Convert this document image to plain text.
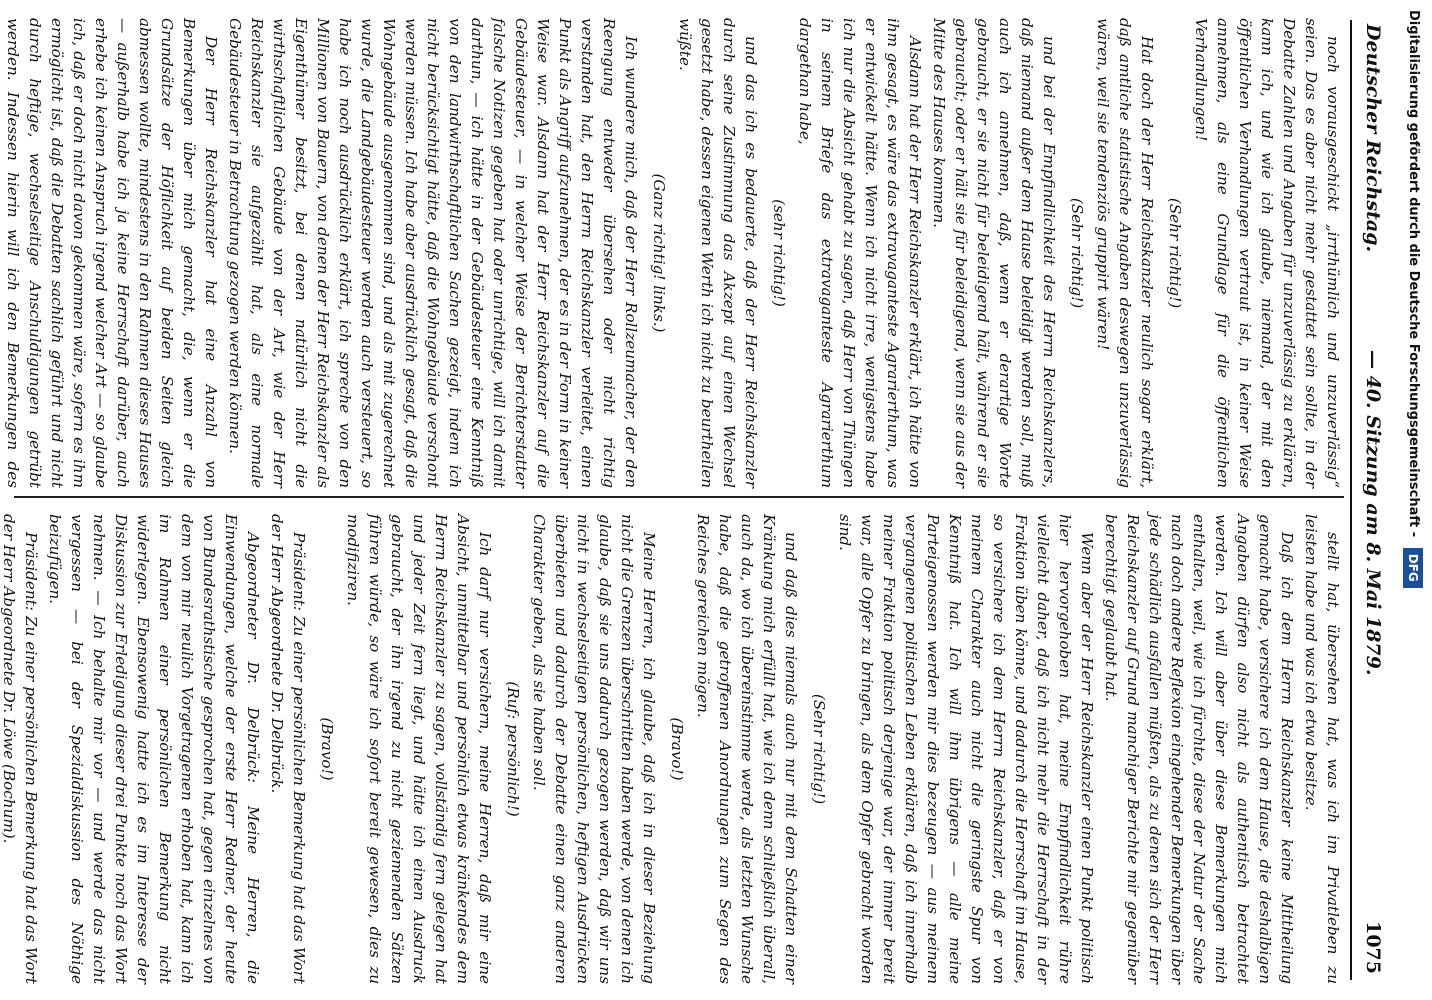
Deutscher Reichstag.
— 40. Sitzung am 8. Mai 1879.
1075

noch vorausgeschickt „irrthümlich und unzuverlässig“ seien. Das es aber nicht mehr gestattet sein sollte, in der Debatte Zahlen und Angaben für unzuverlässig zu erklären, kann ich, und wie ich glaube, niemand, der mit den öffentlichen Verhandlungen vertraut ist, in keiner Weise annehmen, als eine Grundlage für die öffentlichen Verhandlungen!

(Sehr richtig!)

Hat doch der Herr Reichskanzler neulich sogar erklärt, daß amtliche statistische Angaben deswegen unzuverlässig wären, weil sie tendenziös gruppirt wären!

(Sehr richtig!)

und bei der Empfindlichkeit des Herrn Reichskanzlers, daß niemand außer dem Hause beleidigt werden soll, muß auch ich annehmen, daß, wenn er derartige Worte gebraucht, er sie nicht für beleidigend hält, während er sie gebraucht; oder er hält sie für beleidigend, wenn sie aus der Mitte des Hauses kommen.

Alsdann hat der Herr Reichskanzler erklärt, ich hätte von ihm gesagt, es wäre das extravaganteste Agrarierthum, was er entwickelt hätte. Wenn ich nicht irre, wenigstens habe ich nur die Absicht gehabt zu sagen, daß Herr von Thüngen in seinem Briefe das extravaganteste Agrarierthum dargethan habe,

(sehr richtig!)

und das ich es bedauerte, daß der Herr Reichskanzler durch seine Zustimmung das Akzept auf einen Wechsel gesetzt habe, dessen eigenen Werth ich nicht zu beurtheilen wüßte.

(Ganz richtig! links.)

Ich wundere mich, daß der Herr Rollzeumacher, der den Reengung entweder übersehen oder nicht richtig verstanden hat, den Herrn Reichskanzler verleitet, einen Punkt als Angriff aufzunehmen, der es in der Form in keiner Weise war. Alsdann hat der Herr Reichskanzler auf die Gebäudesteuer, — in welcher Weise der Berichterstatter falsche Notizen gegeben hat oder unrichtige, will ich damit darthun, — ich hätte in der Gebäudesteuer eine Kenntniß von den landwirthschaftlichen Sachen gezeigt, indem ich nicht berücksichtigt hätte, daß die Wohngebäude verschont werden müssen. Ich habe aber ausdrücklich gesagt, daß die Wohngebäude ausgenommen sind, und als mit zugerechnet wurde, die Landgebäudesteuer werden auch versteuert, so habe ich noch ausdrücklich erklärt, ich spreche von den Millionen von Bauern, von denen der Herr Reichskanzler als Eigenthümer besitzt, bei denen natürlich nicht die wirthschaftlichen Gebäude von der Art, wie der Herr Reichskanzler sie aufgezählt hat, als eine normale Gebäudesteuer in Betrachtung gezogen werden können.

Der Herr Reichskanzler hat eine Anzahl von Bemerkungen über mich gemacht, die, wenn er die Grundsätze der Höflichkeit auf beiden Seiten gleich abmessen wollte, mindestens in den Rahmen dieses Hauses — außerhalb habe ich ja keine Herrschaft darüber, auch erhebe ich keinen Anspruch irgend welcher Art — so glaube ich, daß er doch nicht davon gekommen wäre, sofern es ihm ermöglicht ist, daß die Debatten sachlich geführt und nicht durch heftige, wechselseitige Anschuldigungen getrübt werden. Indessen hierin will ich den Bemerkungen des

stellt hat, übersehen hat, was ich im Privatleben zu leisten habe und was ich etwa besitze.

Daß ich dem Herrn Reichskanzler keine Mittheilung gemacht habe, versichere ich dem Hause, die deshalbigen Angaben dürfen also nicht als authentisch betrachtet werden. Ich will aber über diese Bemerkungen mich enthalten, weil, wie ich fürchte, diese der Natur der Sache nach doch andere Reflexion eingehender Bemerkungen über jede schädlich ausfallen müßten, als zu denen sich der Herr Reichskanzler auf Grund manchiger Berichte mir gegenüber berechtigt geglaubt hat.

Wenn aber der Herr Reichskanzler einen Punkt politisch hier hervorgehoben hat, meine Empfindlichkeit rühre vielleicht daher, daß ich nicht mehr die Herrschaft in der Fraktion üben könne, und dadurch die Herrschaft im Hause, so versichere ich dem Herrn Reichskanzler, daß er von meinem Charakter auch nicht die geringste Spur von Kenntniß hat. Ich will ihm übrigens — alle meine Parteigenossen werden mir dies bezeugen — aus meinem vergangenen politischen Leben erklären, daß ich innerhalb meiner Fraktion politisch derjenige war, der immer bereit war, alle Opfer zu bringen, als dem Opfer gebracht worden sind.

(Sehr richtig!)

und daß dies niemals auch nur mit dem Schatten einer Kränkung mich erfüllt hat, wie ich denn schließlich überall, auch da, wo ich übereinstimme werde, als letzten Wunsche habe, daß die getroffenen Anordnungen zum Segen des Reiches gereichen mögen.

(Bravo!)

Meine Herren, ich glaube, daß ich in dieser Beziehung nicht die Grenzen überschritten haben werde, von denen ich glaube, daß sie uns dadurch gezogen werden, daß wir uns nicht in wechselseitigen persönlichen, heftigen Ausdrücken überbieten und dadurch der Debatte einen ganz anderen Charakter geben, als sie haben soll.

(Ruf: persönlich!)

Ich darf nur versichern, meine Herren, daß mir eine Absicht, unmittelbar und persönlich etwas kränkendes dem Herrn Reichskanzler zu sagen, vollständig fern gelegen hat und jeder Zeit fern liegt, und hätte ich einen Ausdruck gebraucht, der ihn irgend zu nicht geziemenden Sätzen führen würde, so wäre ich sofort bereit gewesen, dies zu modifiziren.

(Bravo!)

Präsident: Zu einer persönlichen Bemerkung hat das Wort der Herr Abgeordnete Dr. Delbrück.

Abgeordneter Dr. Delbrück: Meine Herren, die Einwendungen, welche der erste Herr Redner, der heute von Bundesrathstische gesprochen hat, gegen einzelnes von dem von mir neulich Vorgetragenen erhoben hat, kann ich im Rahmen einer persönlichen Bemerkung nicht widerlegen. Ebensowenig hatte ich es im Interesse der Diskussion zur Erledigung dieser drei Punkte noch das Wort nehmen. — Ich behalte mir vor — und werde das nicht vergessen — bei der Spezialdiskussion des Nöthige beizufügen.

Präsident: Zu einer persönlichen Bemerkung hat das Wort der Herr Abgeordnete Dr. Löwe (Bochum).

Digitalisierung gefördert durch die Deutsche Forschungsgemeinschaft - DFG
